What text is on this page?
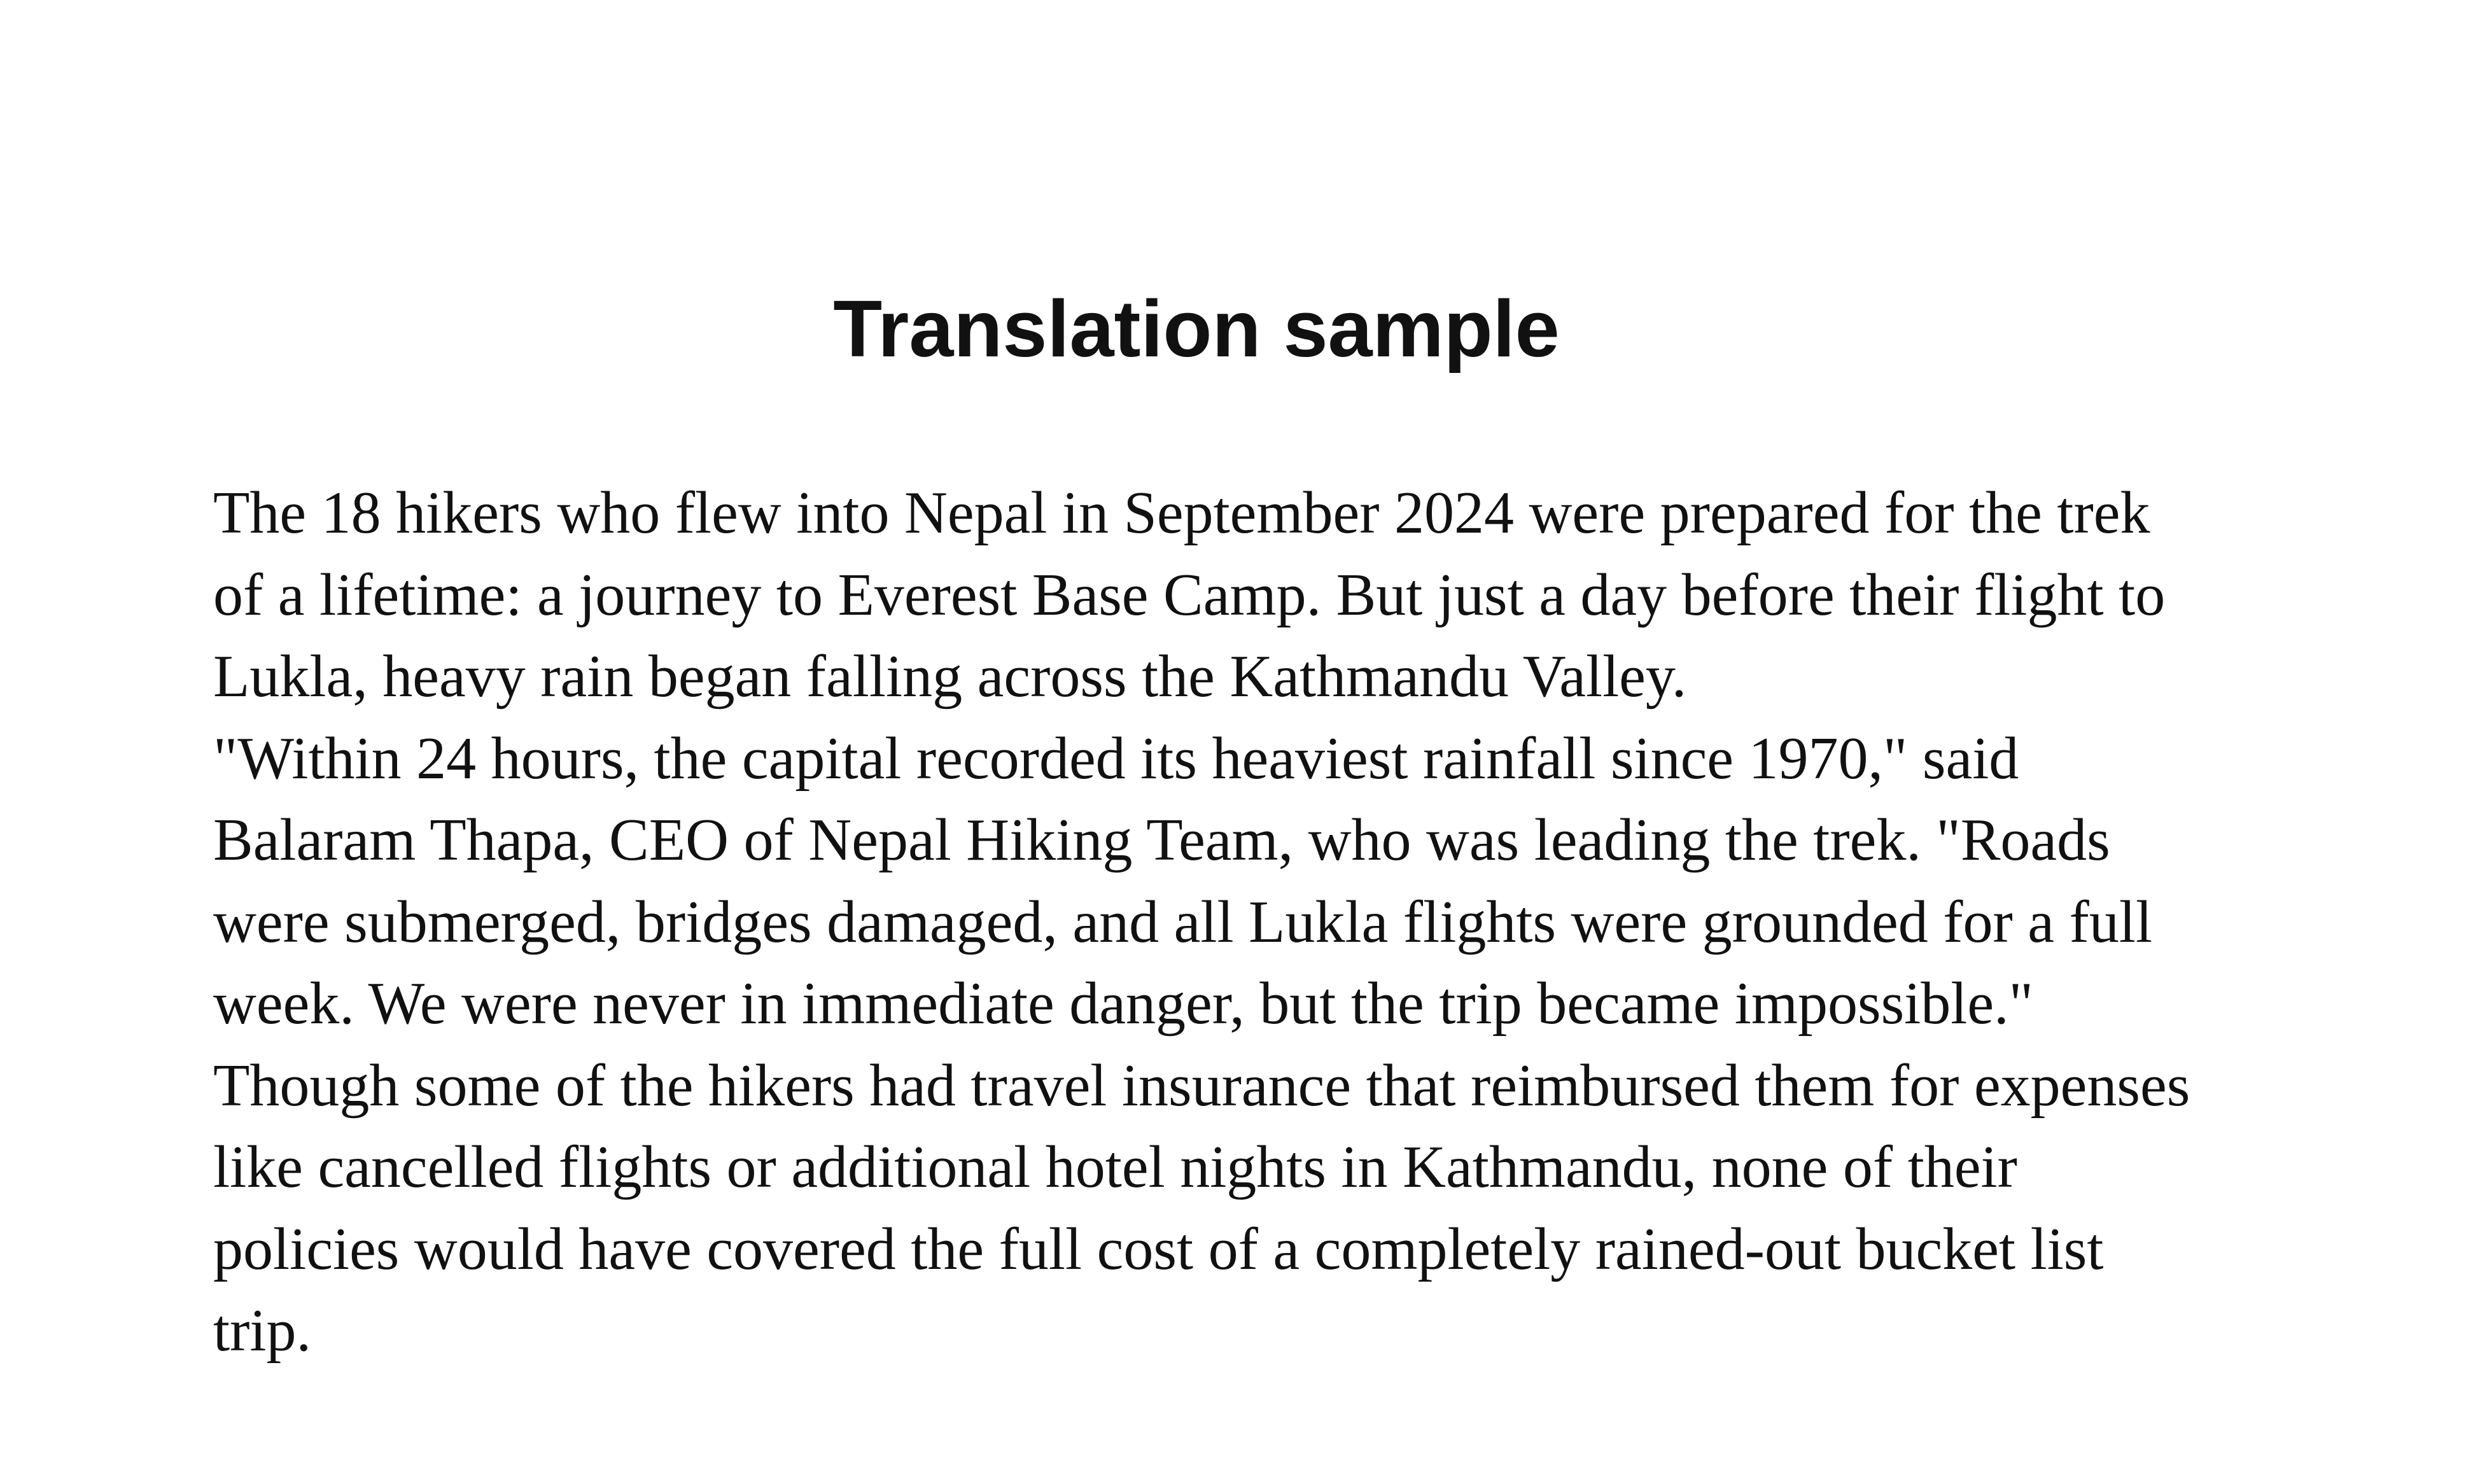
Translation sample

The 18 hikers who flew into Nepal in September 2024 were prepared for the trek

of a lifetime: a journey to Everest Base Camp. But just a day before their flight to

Lukla, heavy rain began falling across the Kathmandu Valley.

"Within 24 hours, the capital recorded its heaviest rainfall since 1970," said

Balaram Thapa, CEO of Nepal Hiking Team, who was leading the trek. "Roads

were submerged, bridges damaged, and all Lukla flights were grounded for a full

week. We were never in immediate danger, but the trip became impossible."

Though some of the hikers had travel insurance that reimbursed them for expenses

like cancelled flights or additional hotel nights in Kathmandu, none of their

policies would have covered the full cost of a completely rained-out bucket list

trip.
